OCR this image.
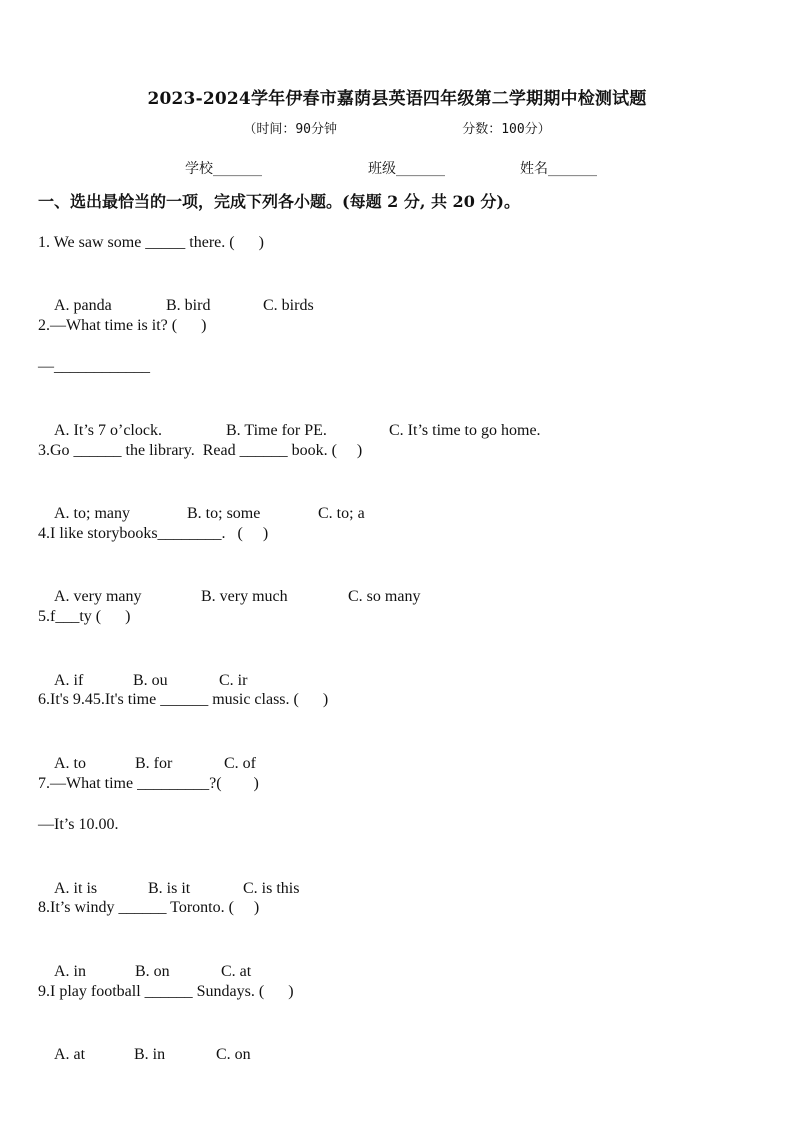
2023-2024学年伊春市嘉荫县英语四年级第二学期期中检测试题
（时间：90分钟                分数：100分）
学校_______	班级_______	姓名_______
一、选出最恰当的一项，完成下列各小题。(每题 2 分, 共 20 分)。
1. We saw some _____ there. (      )

A. panda	B. bird	C. birds

2.—What time is it? (      )
—____________

A. It’s 7 o’clock.	B. Time for PE.	C. It’s time to go home.

3.Go ______ the library.  Read ______ book. (     )

A. to; many	B. to; some	C. to; a

4.I like storybooks________.   (     )

A. very many	B. very much	C. so many

5.f___ty (      )

A. if	B. ou	C. ir

6.It's 9.45.It's time ______ music class. (      )

A. to	B. for	C. of

7.—What time _________?(        )
—It’s 10.00.

A. it is	B. is it	C. is this

8.It’s windy ______ Toronto. (     )

A. in	B. on	C. at

9.I play football ______ Sundays. (      )

A. at	B. in	C. on
